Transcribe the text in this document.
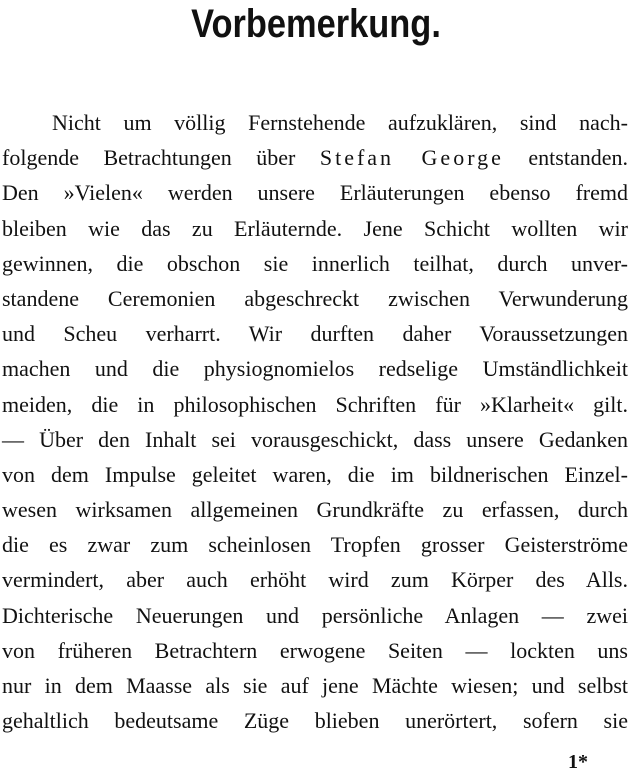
Vorbemerkung.
Nicht um völlig Fernstehende aufzuklären, sind nach-
folgende Betrachtungen über Stefan George entstanden.
Den »Vielen« werden unsere Erläuterungen ebenso fremd
bleiben wie das zu Erläuternde. Jene Schicht wollten wir
gewinnen, die obschon sie innerlich teilhat, durch unver-
standene Ceremonien abgeschreckt zwischen Verwunderung
und Scheu verharrt. Wir durften daher Voraussetzungen
machen und die physiognomielos redselige Umständlichkeit
meiden, die in philosophischen Schriften für »Klarheit« gilt.
— Über den Inhalt sei vorausgeschickt, dass unsere Gedanken
von dem Impulse geleitet waren, die im bildnerischen Einzel-
wesen wirksamen allgemeinen Grundkräfte zu erfassen, durch
die es zwar zum scheinlosen Tropfen grosser Geisterströme
vermindert, aber auch erhöht wird zum Körper des Alls.
Dichterische Neuerungen und persönliche Anlagen — zwei
von früheren Betrachtern erwogene Seiten — lockten uns
nur in dem Maasse als sie auf jene Mächte wiesen; und selbst
gehaltlich bedeutsame Züge blieben unerörtert, sofern sie
1*
